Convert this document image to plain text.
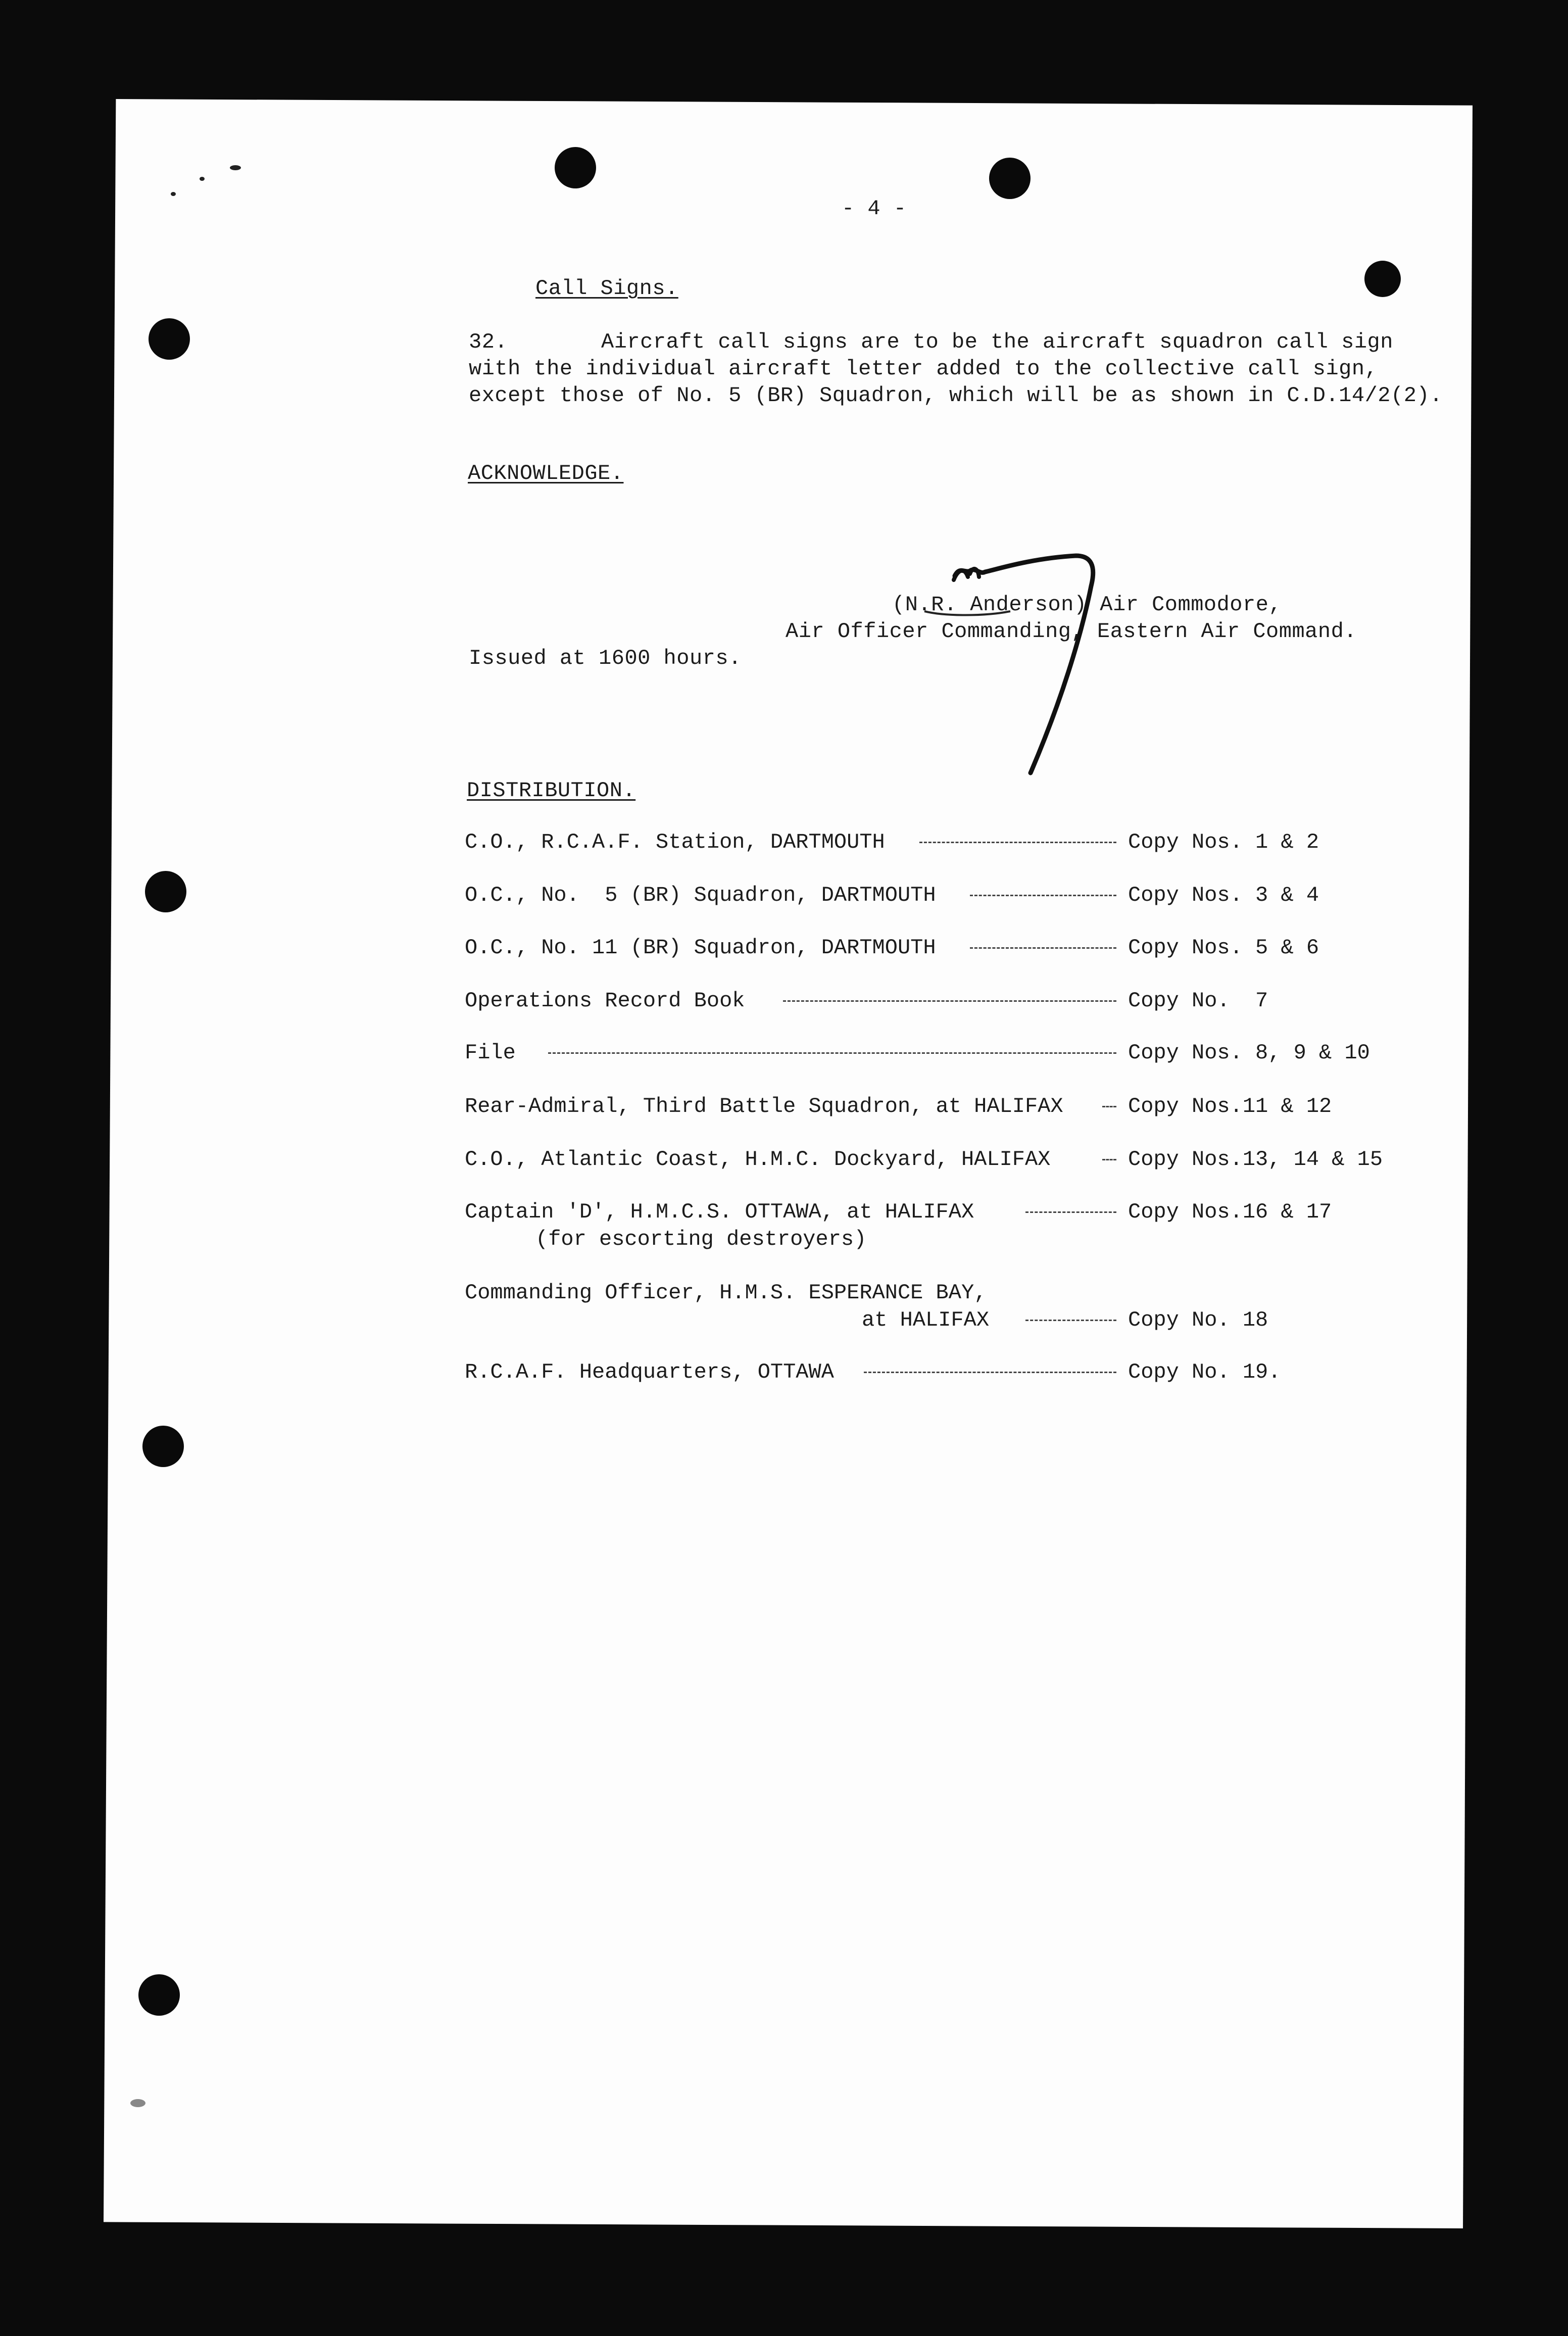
- 4 -
Call Signs.
32.	Aircraft call signs are to be the aircraft squadron call sign
with the individual aircraft letter added to the collective call sign,
except those of No. 5 (BR) Squadron, which will be as shown in C.D.14/2(2).
ACKNOWLEDGE.
(N.R. Anderson) Air Commodore,
Air Officer Commanding, Eastern Air Command.
Issued at 1600 hours.
DISTRIBUTION.
C.O., R.C.A.F. Station, DARTMOUTH	Copy Nos. 1 & 2
O.C., No.  5 (BR) Squadron, DARTMOUTH	Copy Nos. 3 & 4
O.C., No. 11 (BR) Squadron, DARTMOUTH	Copy Nos. 5 & 6
Operations Record Book	Copy No.  7
File	Copy Nos. 8, 9 & 10
Rear-Admiral, Third Battle Squadron, at HALIFAX	Copy Nos.11 & 12
C.O., Atlantic Coast, H.M.C. Dockyard, HALIFAX	Copy Nos.13, 14 & 15
Captain 'D', H.M.C.S. OTTAWA, at HALIFAX
(for escorting destroyers)
Copy Nos.16 & 17
Commanding Officer, H.M.S. ESPERANCE BAY,
at HALIFAX	Copy No. 18
R.C.A.F. Headquarters, OTTAWA	Copy No. 19.
